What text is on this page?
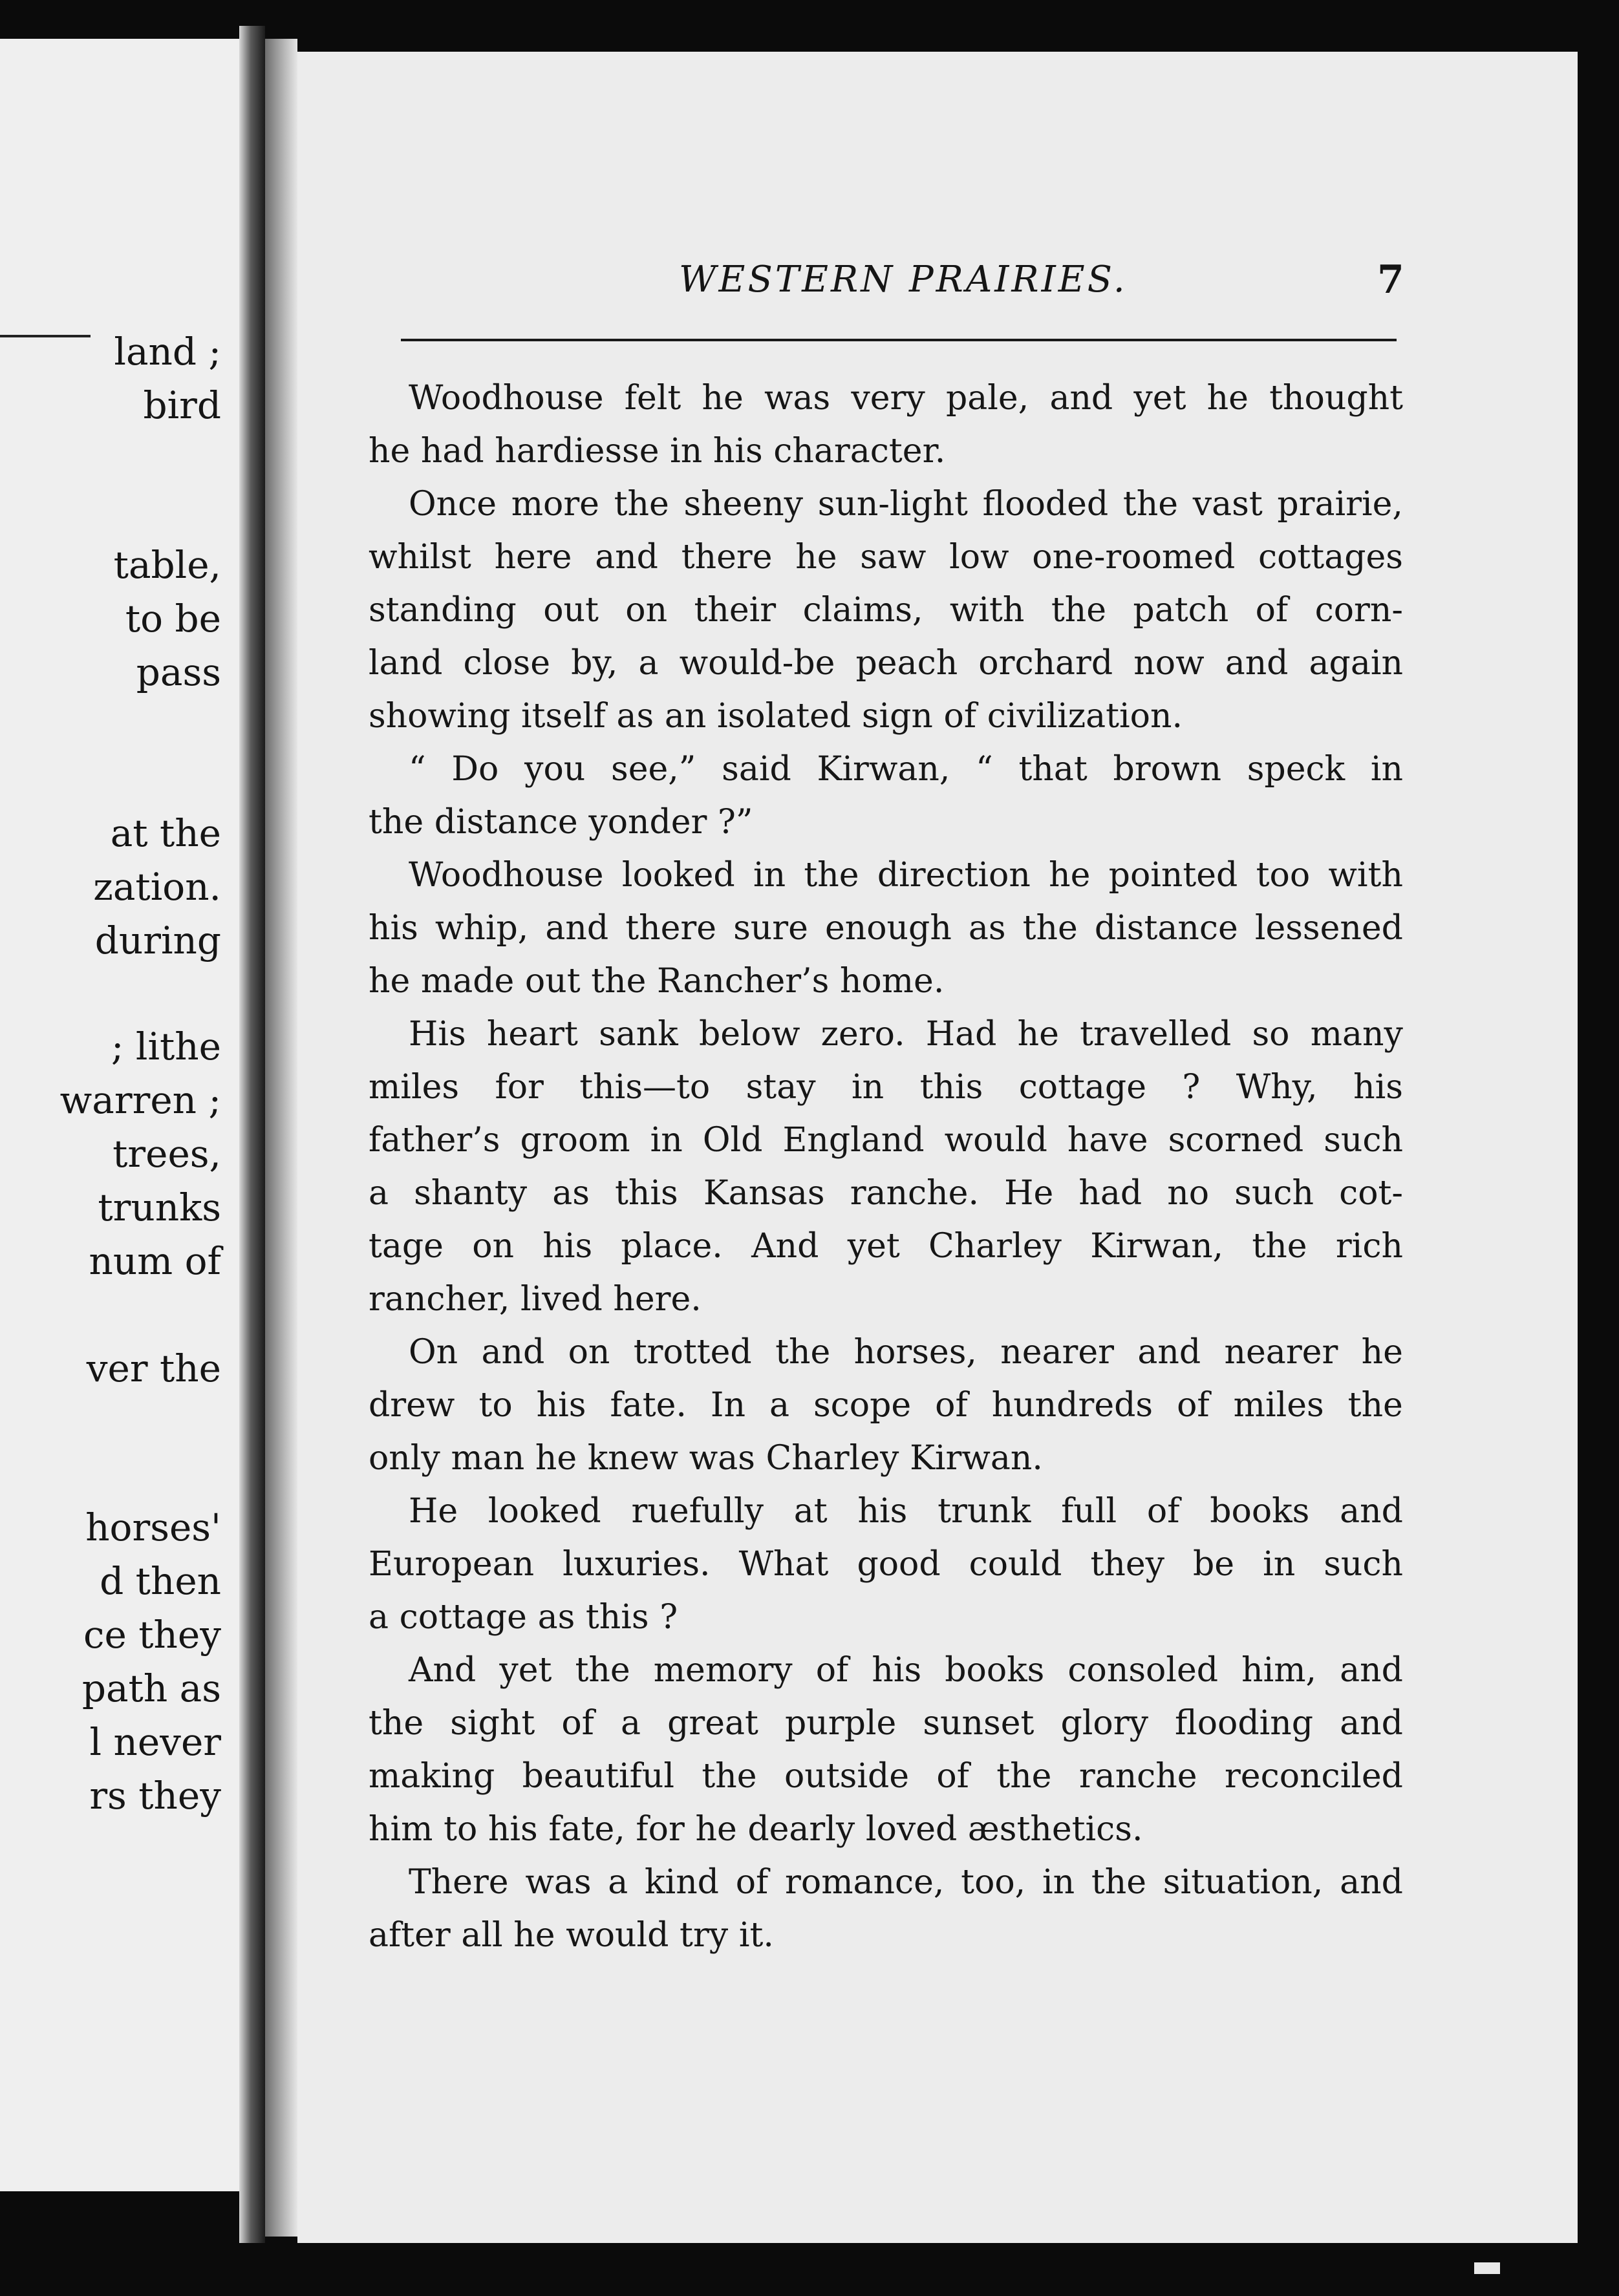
land ;
bird
table,
to be
pass
at the
zation.
during
; lithe
warren ;
trees,
trunks
num of
ver the
horses'
d then
ce they
path as
l never
rs they
WESTERN PRAIRIES.	7
Woodhouse felt he was very pale, and yet he thought
he had hardiesse in his character.
Once more the sheeny sun-light flooded the vast prairie,
whilst here and there he saw low one-roomed cottages
standing out on their claims, with the patch of corn-
land close by, a would-be peach orchard now and again
showing itself as an isolated sign of civilization.
“ Do you see,” said Kirwan, “ that brown speck in
the distance yonder ?”
Woodhouse looked in the direction he pointed too with
his whip, and there sure enough as the distance lessened
he made out the Rancher’s home.
His heart sank below zero. Had he travelled so many
miles for this—to stay in this cottage ? Why, his
father’s groom in Old England would have scorned such
a shanty as this Kansas ranche. He had no such cot-
tage on his place. And yet Charley Kirwan, the rich
rancher, lived here.
On and on trotted the horses, nearer and nearer he
drew to his fate. In a scope of hundreds of miles the
only man he knew was Charley Kirwan.
He looked ruefully at his trunk full of books and
European luxuries. What good could they be in such
a cottage as this ?
And yet the memory of his books consoled him, and
the sight of a great purple sunset glory flooding and
making beautiful the outside of the ranche reconciled
him to his fate, for he dearly loved æsthetics.
There was a kind of romance, too, in the situation, and
after all he would try it.
